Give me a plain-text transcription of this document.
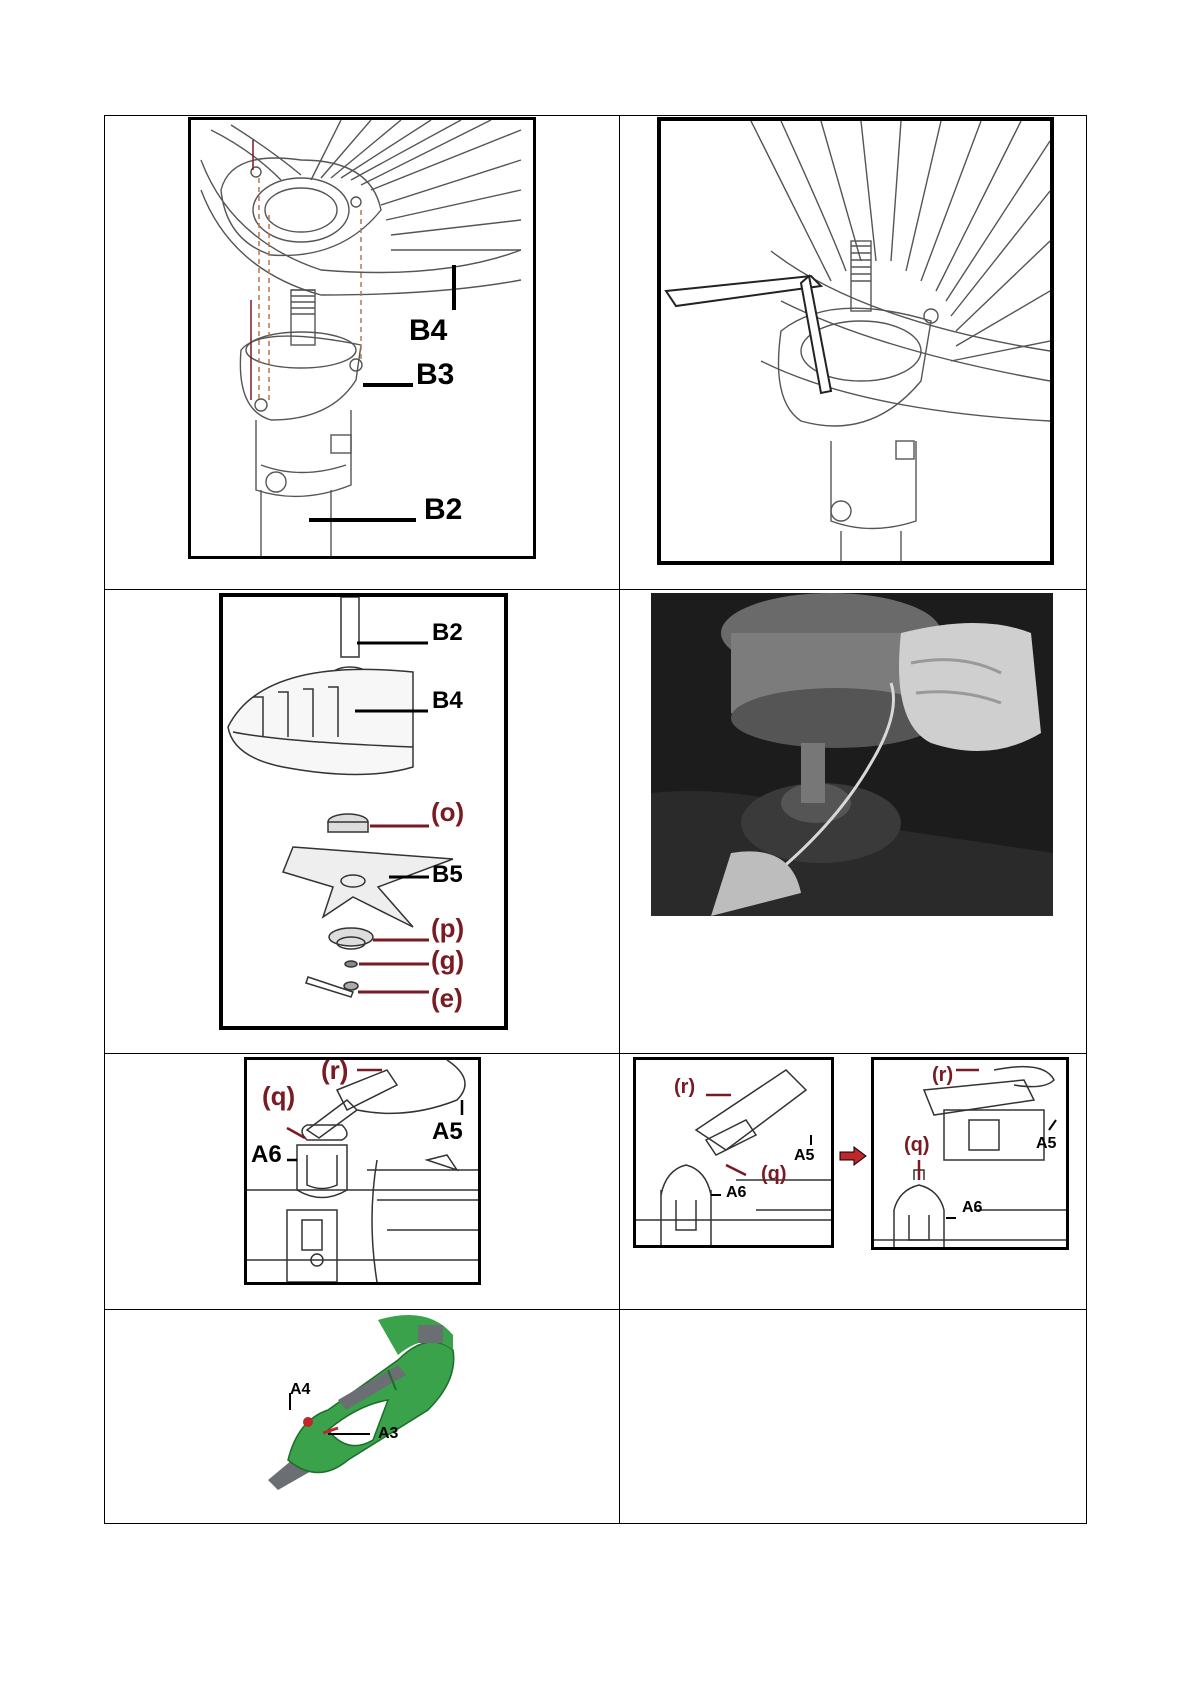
B4
B3
B2
B2
B4
(o)
B5
(p)
(g)
(e)
(r)
(q)
A5
A6
(r)
A5
(q)
A6
(r)
(q)	A5
A6
A4
A3
